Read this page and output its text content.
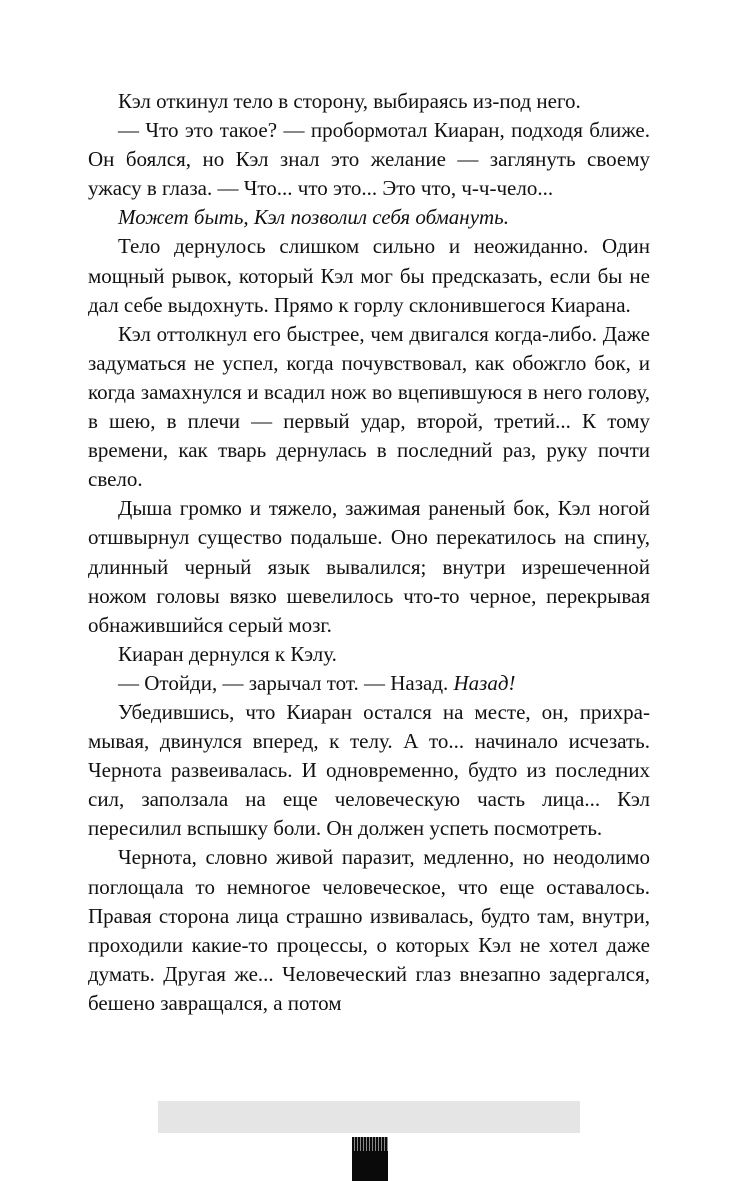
Кэл откинул тело в сторону, выбираясь из-под него.

— Что это такое? — пробормотал Киаран, подходя ближе. Он боялся, но Кэл знал это желание — заглянуть своему ужасу в глаза. — Что... что это... Это что, ч-ч-чело...

Может быть, Кэл позволил себя обмануть.

Тело дернулось слишком сильно и неожиданно. Один мощный рывок, который Кэл мог бы предсказать, если бы не дал себе выдохнуть. Прямо к горлу склонившегося Киарана.

Кэл оттолкнул его быстрее, чем двигался когда-либо. Даже задуматься не успел, когда почувствовал, как обожгло бок, и когда замахнулся и всадил нож во вцепившуюся в него голову, в шею, в плечи — первый удар, второй, третий... К тому времени, как тварь дернулась в последний раз, руку почти свело.

Дыша громко и тяжело, зажимая раненый бок, Кэл ногой отшвырнул существо подальше. Оно перекатилось на спину, длинный черный язык вывалился; внутри изрешеченной ножом головы вязко шевелилось что-то черное, перекрывая обнажившийся серый мозг.

Киаран дернулся к Кэлу.

— Отойди, — зарычал тот. — Назад. Назад!

Убедившись, что Киаран остался на месте, он, прихрамывая, двинулся вперед, к телу. А то... начинало исчезать. Чернота развеивалась. И одновременно, будто из последних сил, заползала на еще человеческую часть лица... Кэл пересилил вспышку боли. Он должен успеть посмотреть.

Чернота, словно живой паразит, медленно, но неодолимо поглощала то немногое человеческое, что еще оставалось. Правая сторона лица страшно извивалась, будто там, внутри, проходили какие-то процессы, о которых Кэл не хотел даже думать. Другая же... Человеческий глаз внезапно задергался, бешено завращался, а потом
